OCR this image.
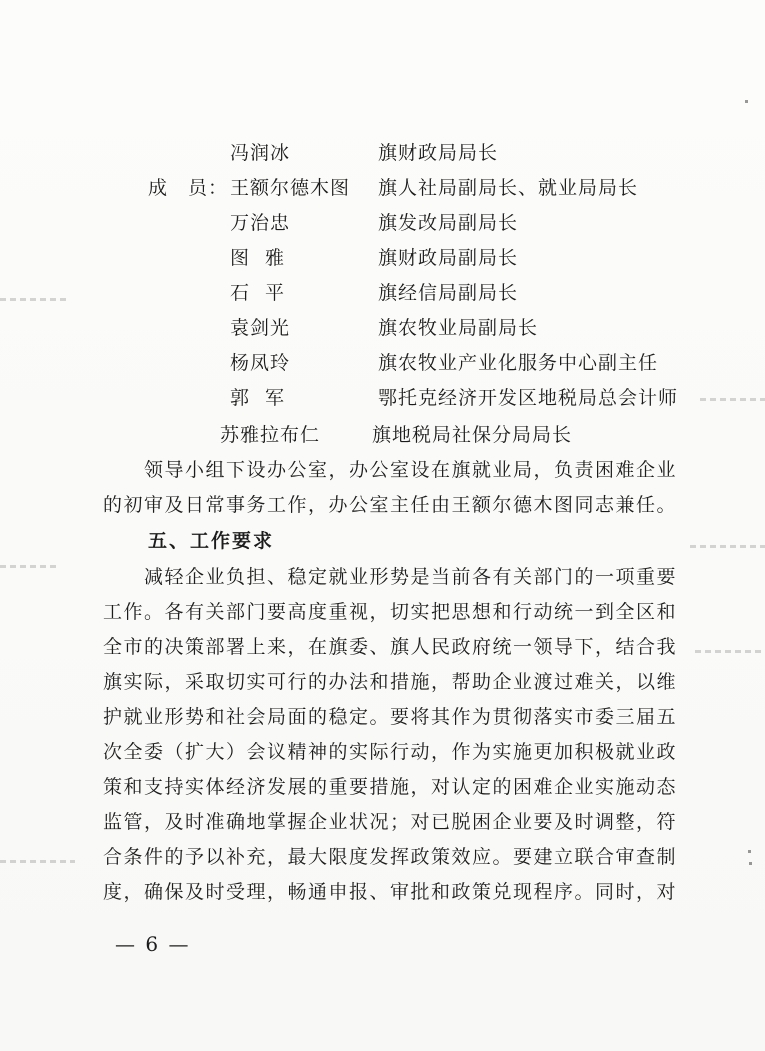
冯润冰	旗财政局局长
成　员： 王额尔德木图 旗人社局副局长、就业局局长
万治忠	旗发改局副局长
图雅	旗财政局副局长
石平	旗经信局副局长
袁剑光	旗农牧业局副局长
杨凤玲	旗农牧业产业化服务中心副主任
郭军	鄂托克经济开发区地税局总会计师
苏雅拉布仁	旗地税局社保分局局长
　　领导小组下设办公室，办公室设在旗就业局，负责困难企业
的初审及日常事务工作，办公室主任由王额尔德木图同志兼任。
五、工作要求
　　减轻企业负担、稳定就业形势是当前各有关部门的一项重要
工作。各有关部门要高度重视，切实把思想和行动统一到全区和
全市的决策部署上来，在旗委、旗人民政府统一领导下，结合我
旗实际，采取切实可行的办法和措施，帮助企业渡过难关，以维
护就业形势和社会局面的稳定。要将其作为贯彻落实市委三届五
次全委（扩大）会议精神的实际行动，作为实施更加积极就业政
策和支持实体经济发展的重要措施，对认定的困难企业实施动态
监管，及时准确地掌握企业状况；对已脱困企业要及时调整，符
合条件的予以补充，最大限度发挥政策效应。要建立联合审查制
度，确保及时受理，畅通申报、审批和政策兑现程序。同时，对
— 6 —
